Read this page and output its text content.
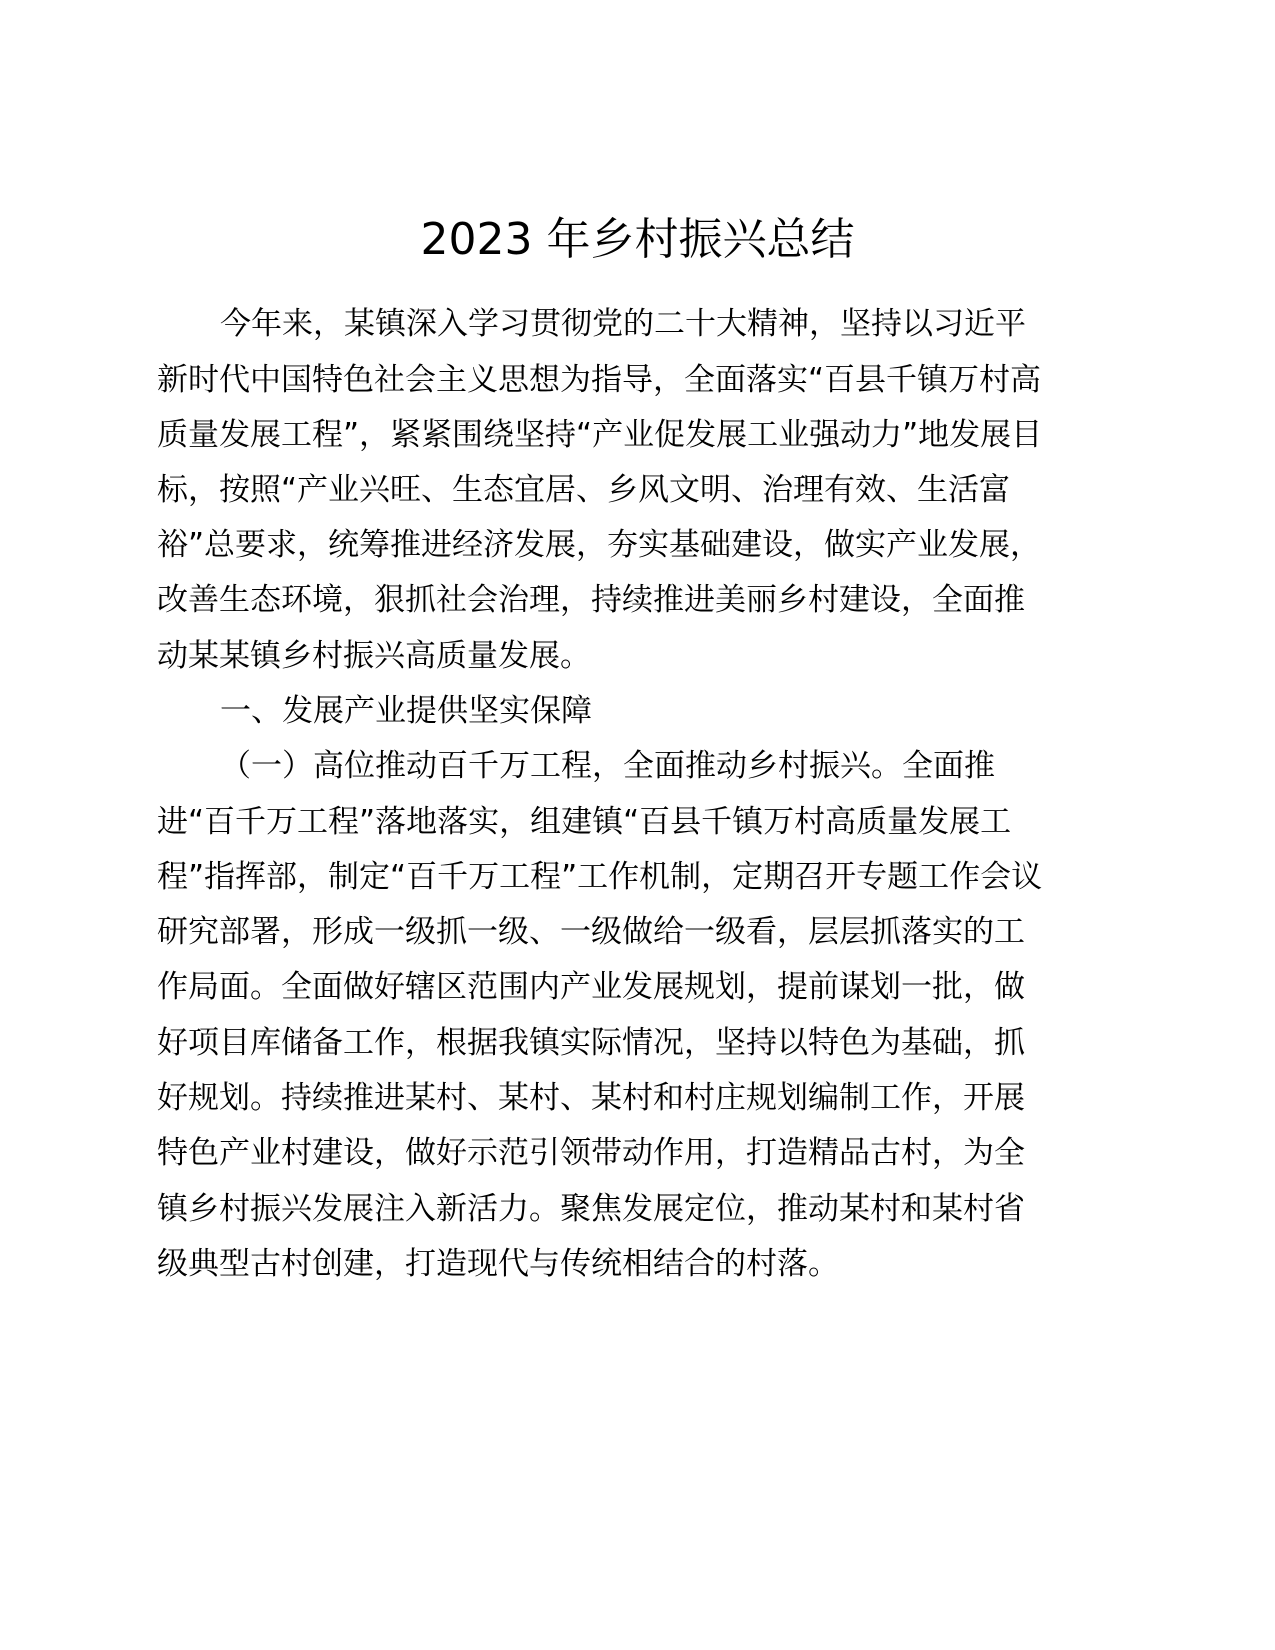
2023 年乡村振兴总结
今年来，某镇深入学习贯彻党的二十大精神，坚持以习近平
新时代中国特色社会主义思想为指导，全面落实“百县千镇万村高
质量发展工程”，紧紧围绕坚持“产业促发展工业强动力”地发展目
标，按照“产业兴旺、生态宜居、乡风文明、治理有效、生活富
裕”总要求，统筹推进经济发展，夯实基础建设，做实产业发展，
改善生态环境，狠抓社会治理，持续推进美丽乡村建设，全面推
动某某镇乡村振兴高质量发展。
一、发展产业提供坚实保障
（一）高位推动百千万工程，全面推动乡村振兴。全面推
进“百千万工程”落地落实，组建镇“百县千镇万村高质量发展工
程”指挥部，制定“百千万工程”工作机制，定期召开专题工作会议
研究部署，形成一级抓一级、一级做给一级看，层层抓落实的工
作局面。全面做好辖区范围内产业发展规划，提前谋划一批，做
好项目库储备工作，根据我镇实际情况，坚持以特色为基础，抓
好规划。持续推进某村、某村、某村和村庄规划编制工作，开展
特色产业村建设，做好示范引领带动作用，打造精品古村，为全
镇乡村振兴发展注入新活力。聚焦发展定位，推动某村和某村省
级典型古村创建，打造现代与传统相结合的村落。
